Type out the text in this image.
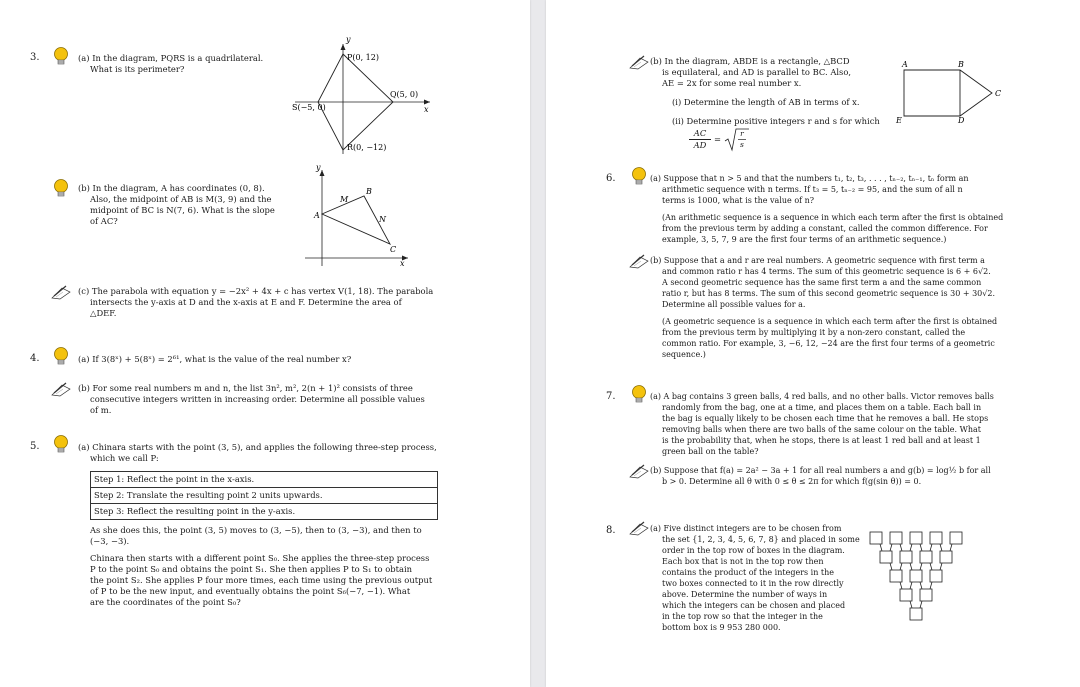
3.	(a) In the diagram, PQRS is a quadrilateral.
What is its perimeter?
y
x
P(0, 12)
Q(5, 0)
S(−5, 0)
R(0, −12)
(b) In the diagram, A has coordinates (0, 8).
Also, the midpoint of AB is M(3, 9) and the
midpoint of BC is N(7, 6). What is the slope
of AC?
y
x
A
B
C
M
N
(c) The parabola with equation y = −2x² + 4x + c has vertex V(1, 18). The parabola
intersects the y-axis at D and the x-axis at E and F. Determine the area of
△DEF.
4.	(a) If 3(8ˣ) + 5(8ˣ) = 2⁶¹, what is the value of the real number x?
(b) For some real numbers m and n, the list 3n², m², 2(n + 1)² consists of three
consecutive integers written in increasing order. Determine all possible values
of m.
5.	(a) Chinara starts with the point (3, 5), and applies the following three-step process,
which we call P:
Step 1: Reflect the point in the x-axis.
Step 2: Translate the resulting point 2 units upwards.
Step 3: Reflect the resulting point in the y-axis.
As she does this, the point (3, 5) moves to (3, −5), then to (3, −3), and then to
(−3, −3).
Chinara then starts with a different point S₀. She applies the three-step process
P to the point S₀ and obtains the point S₁. She then applies P to S₁ to obtain
the point S₂. She applies P four more times, each time using the previous output
of P to be the new input, and eventually obtains the point S₆(−7, −1). What
are the coordinates of the point S₀?
(b) In the diagram, ABDE is a rectangle, △BCD
is equilateral, and AD is parallel to BC. Also,
AE = 2x for some real number x.
(i) Determine the length of AB in terms of x.
(ii) Determine positive integers r and s for which
AC
AD
=
r
s
A	B
C
D
E
6.	(a) Suppose that n > 5 and that the numbers t₁, t₂, t₃, . . . , tₙ₋₂, tₙ₋₁, tₙ form an
arithmetic sequence with n terms. If t₃ = 5, tₙ₋₂ = 95, and the sum of all n
terms is 1000, what is the value of n?
(An arithmetic sequence is a sequence in which each term after the first is obtained
from the previous term by adding a constant, called the common difference. For
example, 3, 5, 7, 9 are the first four terms of an arithmetic sequence.)
(b) Suppose that a and r are real numbers. A geometric sequence with first term a
and common ratio r has 4 terms. The sum of this geometric sequence is 6 + 6√2.
A second geometric sequence has the same first term a and the same common
ratio r, but has 8 terms. The sum of this second geometric sequence is 30 + 30√2.
Determine all possible values for a.
(A geometric sequence is a sequence in which each term after the first is obtained
from the previous term by multiplying it by a non-zero constant, called the
common ratio. For example, 3, −6, 12, −24 are the first four terms of a geometric
sequence.)
7.	(a) A bag contains 3 green balls, 4 red balls, and no other balls. Victor removes balls
randomly from the bag, one at a time, and places them on a table. Each ball in
the bag is equally likely to be chosen each time that he removes a ball. He stops
removing balls when there are two balls of the same colour on the table. What
is the probability that, when he stops, there is at least 1 red ball and at least 1
green ball on the table?
(b) Suppose that f(a) = 2a² − 3a + 1 for all real numbers a and g(b) = log½ b for all
b > 0. Determine all θ with 0 ≤ θ ≤ 2π for which f(g(sin θ)) = 0.
8.	(a) Five distinct integers are to be chosen from
the set {1, 2, 3, 4, 5, 6, 7, 8} and placed in some
order in the top row of boxes in the diagram.
Each box that is not in the top row then
contains the product of the integers in the
two boxes connected to it in the row directly
above. Determine the number of ways in
which the integers can be chosen and placed
in the top row so that the integer in the
bottom box is 9 953 280 000.
